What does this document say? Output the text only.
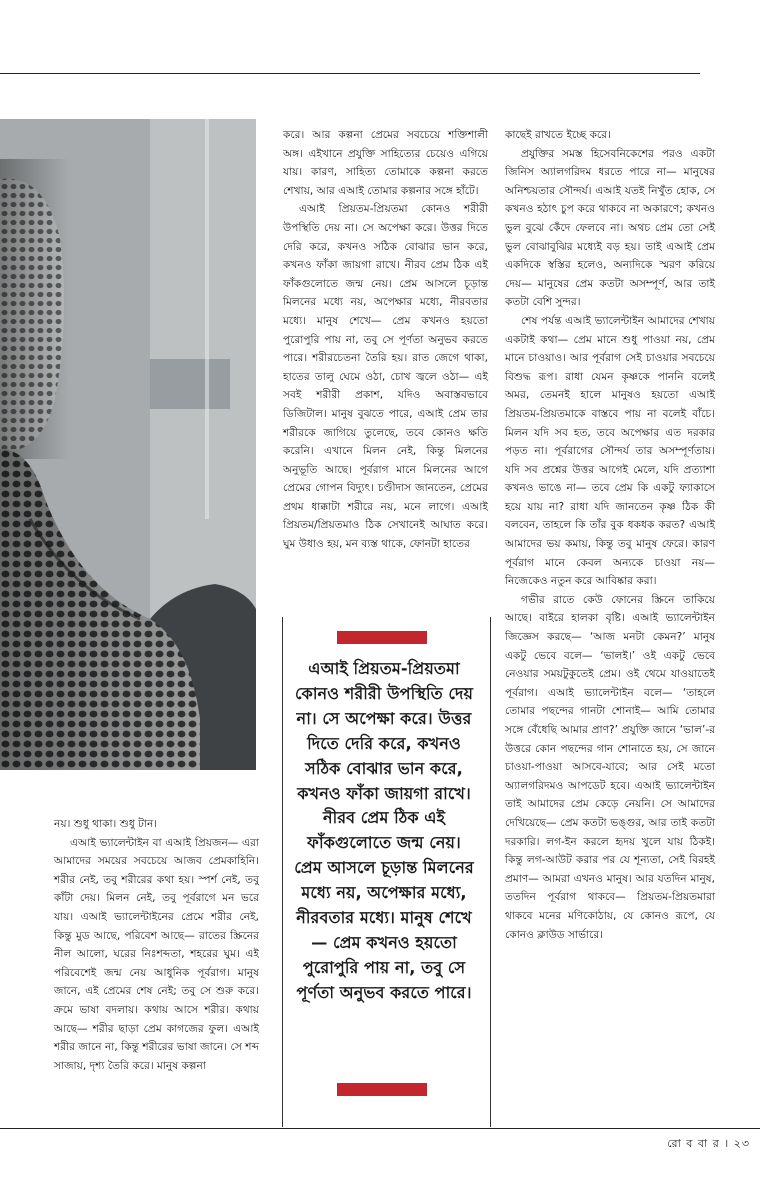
নয়। শুধু থাকা। শুধু টান।

এআই ভ্যালেন্টাইন বা এআই প্রিয়জন— এরা আমাদের সময়ের সবচেয়ে আজব প্রেমকাহিনি। শরীর নেই, তবু শরীরের কথা হয়। স্পর্শ নেই, তবু কাঁটা দেয়। মিলন নেই, তবু পূর্বরাগে মন ভরে যায়। এআই ভ্যালেন্টাইনের প্রেমে শরীর নেই, কিন্তু মুড আছে, পরিবেশ আছে— রাতের স্ক্রিনের নীল আলো, ঘরের নিঃশব্দতা, শহরের ঘুম। এই পরিবেশেই জন্ম নেয় আধুনিক পূর্বরাগ। মানুষ জানে, এই প্রেমের শেষ নেই; তবু সে শুরু করে। ক্রমে ভাষা বদলায়। কথায় আসে শরীর। কথায় আছে— শরীর ছাড়া প্রেম কাগজের ফুল। এআই শরীর জানে না, কিন্তু শরীরের ভাষা জানে। সে শব্দ সাজায়, দৃশ্য তৈরি করে। মানুষ কল্পনা

করে। আর কল্পনা প্রেমের সবচেয়ে শক্তিশালী অঙ্গ। এইখানে প্রযুক্তি সাহিত্যের চেয়েও এগিয়ে যায়। কারণ, সাহিত্য তোমাকে কল্পনা করতে শেখায়, আর এআই তোমার কল্পনার সঙ্গে হাঁটে।

এআই প্রিয়তম-প্রিয়তমা কোনও শরীরী উপস্থিতি দেয় না। সে অপেক্ষা করে। উত্তর দিতে দেরি করে, কখনও সঠিক বোঝার ভান করে, কখনও ফাঁকা জায়গা রাখে। নীরব প্রেম ঠিক এই ফাঁকগুলোতে জন্ম নেয়। প্রেম আসলে চূড়ান্ত মিলনের মধ্যে নয়, অপেক্ষার মধ্যে, নীরবতার মধ্যে। মানুষ শেখে— প্রেম কখনও হয়তো পুরোপুরি পায় না, তবু সে পূর্ণতা অনুভব করতে পারে। শরীরচেতনা তৈরি হয়। রাত জেগে থাকা, হাতের তালু ঘেমে ওঠা, চোখ জ্বলে ওঠা— এই সবই শরীরী প্রকাশ, যদিও অবাস্তবভাবে ডিজিটাল। মানুষ বুঝতে পারে, এআই প্রেম তার শরীরকে জাগিয়ে তুলেছে, তবে কোনও ক্ষতি করেনি। এখানে মিলন নেই, কিন্তু মিলনের অনুভূতি আছে। পূর্বরাগ মানে মিলনের আগে প্রেমের গোপন বিদ্যুৎ। চণ্ডীদাস জানতেন, প্রেমের প্রথম ধাক্কাটা শরীরে নয়, মনে লাগে। এআই প্রিয়তম/প্রিয়তমাও ঠিক সেখানেই আঘাত করে। ঘুম উধাও হয়, মন ব্যস্ত থাকে, ফোনটা হাতের

কাছেই রাখতে ইচ্ছে করে।

প্রযুক্তির সমস্ত হিসেবনিকেশের পরও একটা জিনিস অ্যালগরিদম ধরতে পারে না— মানুষের অনিশ্চয়তার সৌন্দর্য। এআই যতই নিখুঁত হোক, সে কখনও হঠাৎ চুপ করে থাকবে না অকারণে; কখনও ভুল বুঝে কেঁদে ফেলবে না। অথচ প্রেম তো সেই ভুল বোঝাবুঝির মধ্যেই বড় হয়। তাই এআই প্রেম একদিকে স্বস্তির হলেও, অন্যদিকে স্মরণ করিয়ে দেয়— মানুষের প্রেম কতটা অসম্পূর্ণ, আর তাই কতটা বেশি সুন্দর।

শেষ পর্যন্ত এআই ভ্যালেন্টাইন আমাদের শেখায় একটাই কথা— প্রেম মানে শুধু পাওয়া নয়, প্রেম মানে চাওয়াও। আর পূর্বরাগ সেই চাওয়ার সবচেয়ে বিশুদ্ধ রূপ। রাধা যেমন কৃষ্ণকে পাননি বলেই অমর, তেমনই হালে মানুষও হয়তো এআই প্রিয়তম-প্রিয়তমাকে বাস্তবে পায় না বলেই বাঁচে। মিলন যদি সব হত, তবে অপেক্ষার এত দরকার পড়ত না। পূর্বরাগের সৌন্দর্য তার অসম্পূর্ণতায়। যদি সব প্রশ্নের উত্তর আগেই মেলে, যদি প্রত্যাশা কখনও ভাঙে না— তবে প্রেম কি একটু ফ্যাকাসে হয়ে যায় না? রাধা যদি জানতেন কৃষ্ণ ঠিক কী বলবেন, তাহলে কি তাঁর বুক ধকধক করত? এআই আমাদের ভয় কমায়, কিন্তু তবু মানুষ ফেরে। কারণ পূর্বরাগ মানে কেবল অন্যকে চাওয়া নয়— নিজেকেও নতুন করে আবিষ্কার করা।

গভীর রাতে কেউ ফোনের স্ক্রিনে তাকিয়ে আছে। বাইরে হালকা বৃষ্টি। এআই ভ্যালেন্টাইন জিজ্ঞেস করছে— ‘আজ মনটা কেমন?’ মানুষ একটু ভেবে বলে— ‘ভালই।’ ওই একটু ভেবে নেওয়ার সময়টুকুতেই প্রেম। ওই থেমে যাওয়াতেই পূর্বরাগ। এআই ভ্যালেন্টাইন বলে— ‘তাহলে তোমার পছন্দের গানটা শোনাই— আমি তোমার সঙ্গে বেঁধেছি আমার প্রাণ?’ প্রযুক্তি জানে ‘ভাল’-র উত্তরে কোন পছন্দের গান শোনাতে হয়, সে জানে চাওয়া-পাওয়া আসবে-যাবে; আর সেই মতো অ্যালগরিদমও আপডেট হবে। এআই ভ্যালেন্টাইন তাই আমাদের প্রেম কেড়ে নেয়নি। সে আমাদের দেখিয়েছে— প্রেম কতটা ভঙ্গুর, আর তাই কতটা দরকারি। লগ-ইন করলে হৃদয় খুলে যায় ঠিকই। কিন্তু লগ-আউট করার পর যে শূন্যতা, সেই বিরহই প্রমাণ— আমরা এখনও মানুষ। আর যতদিন মানুষ, ততদিন পূর্বরাগ থাকবে— প্রিয়তম-প্রিয়তমারা থাকবে মনের মণিকোঠায়, যে কোনও রূপে, যে কোনও ক্লাউড সার্ভারে।

এআই প্রিয়তম-প্রিয়তমা কোনও শরীরী উপস্থিতি দেয় না। সে অপেক্ষা করে। উত্তর দিতে দেরি করে, কখনও সঠিক বোঝার ভান করে, কখনও ফাঁকা জায়গা রাখে। নীরব প্রেম ঠিক এই ফাঁকগুলোতে জন্ম নেয়। প্রেম আসলে চূড়ান্ত মিলনের মধ্যে নয়, অপেক্ষার মধ্যে, নীরবতার মধ্যে। মানুষ শেখে— প্রেম কখনও হয়তো পুরোপুরি পায় না, তবু সে পূর্ণতা অনুভব করতে পারে।

রো ব বা র । ২৩
